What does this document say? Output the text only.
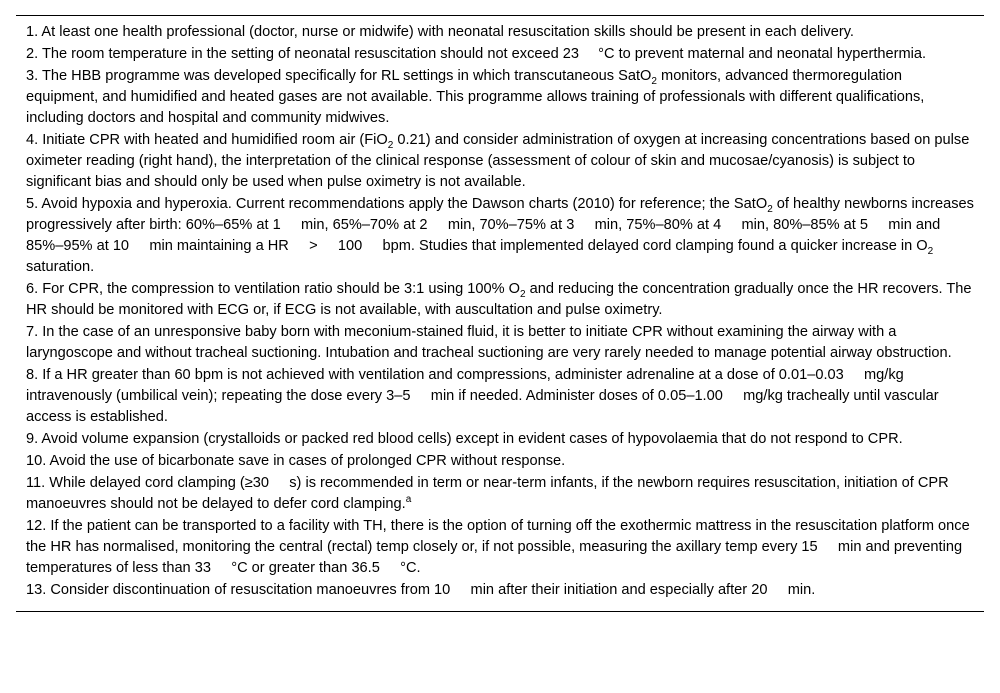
1. At least one health professional (doctor, nurse or midwife) with neonatal resuscitation skills should be present in each delivery.
2. The room temperature in the setting of neonatal resuscitation should not exceed 23     °C to prevent maternal and neonatal hyperthermia.
3. The HBB programme was developed specifically for RL settings in which transcutaneous SatO$_2$ monitors, advanced thermoregulation equipment, and humidified and heated gases are not available. This programme allows training of professionals with different qualifications, including doctors and hospital and community midwives.
4. Initiate CPR with heated and humidified room air (FiO$_2$ 0.21) and consider administration of oxygen at increasing concentrations based on pulse oximeter reading (right hand), the interpretation of the clinical response (assessment of colour of skin and mucosae/cyanosis) is subject to significant bias and should only be used when pulse oximetry is not available.
5. Avoid hypoxia and hyperoxia. Current recommendations apply the Dawson charts (2010) for reference; the SatO$_2$ of healthy newborns increases progressively after birth: 60%–65% at 1     min, 65%–70% at 2     min, 70%–75% at 3     min, 75%–80% at 4     min, 80%–85% at 5     min and 85%–95% at 10     min maintaining a HR     >     100     bpm. Studies that implemented delayed cord clamping found a quicker increase in $O_2$ saturation.
6. For CPR, the compression to ventilation ratio should be 3:1 using 100% $O_2$ and reducing the concentration gradually once the HR recovers. The HR should be monitored with ECG or, if ECG is not available, with auscultation and pulse oximetry.
7. In the case of an unresponsive baby born with meconium-stained fluid, it is better to initiate CPR without examining the airway with a laryngoscope and without tracheal suctioning. Intubation and tracheal suctioning are very rarely needed to manage potential airway obstruction.
8. If a HR greater than 60 bpm is not achieved with ventilation and compressions, administer adrenaline at a dose of 0.01–0.03     mg/kg intravenously (umbilical vein); repeating the dose every 3–5     min if needed. Administer doses of 0.05–1.00     mg/kg tracheally until vascular access is established.
9. Avoid volume expansion (crystalloids or packed red blood cells) except in evident cases of hypovolaemia that do not respond to CPR.
10. Avoid the use of bicarbonate save in cases of prolonged CPR without response.
11. While delayed cord clamping (≥30     s) is recommended in term or near-term infants, if the newborn requires resuscitation, initiation of CPR manoeuvres should not be delayed to defer cord clamping.$^a$
12. If the patient can be transported to a facility with TH, there is the option of turning off the exothermic mattress in the resuscitation platform once the HR has normalised, monitoring the central (rectal) temp closely or, if not possible, measuring the axillary temp every 15     min and preventing temperatures of less than 33     °C or greater than 36.5     °C.
13. Consider discontinuation of resuscitation manoeuvres from 10     min after their initiation and especially after 20     min.
